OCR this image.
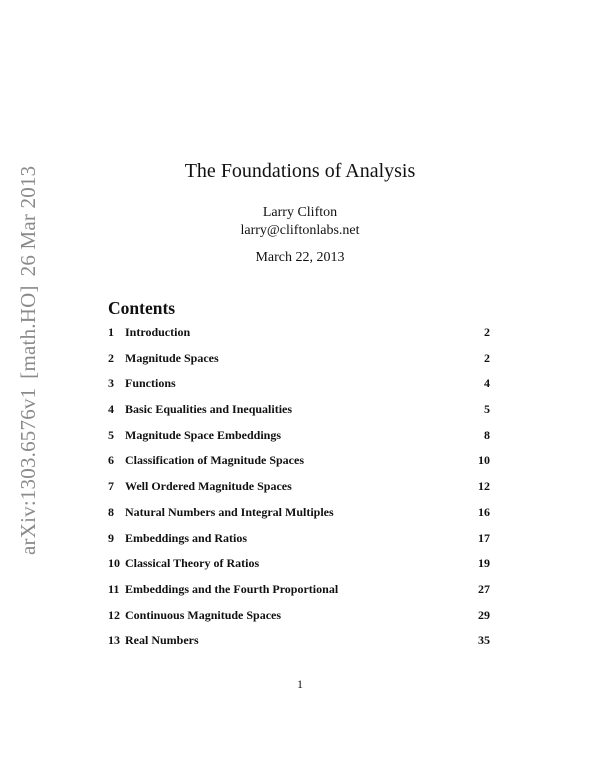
arXiv:1303.6576v1[math.HO]26 Mar 2013	The Foundations of Analysis
Larry Clifton
larry@cliftonlabs.net
March 22, 2013
Contents
1 Introduction	2
2 Magnitude Spaces	2
3 Functions	4
4 Basic Equalities and Inequalities	5
5 Magnitude Space Embeddings	8
6 Classification of Magnitude Spaces	10
7 Well Ordered Magnitude Spaces	12
8 Natural Numbers and Integral Multiples	16
9 Embeddings and Ratios	17
10 Classical Theory of Ratios	19
11 Embeddings and the Fourth Proportional	27
12 Continuous Magnitude Spaces	29
13 Real Numbers	35
1
